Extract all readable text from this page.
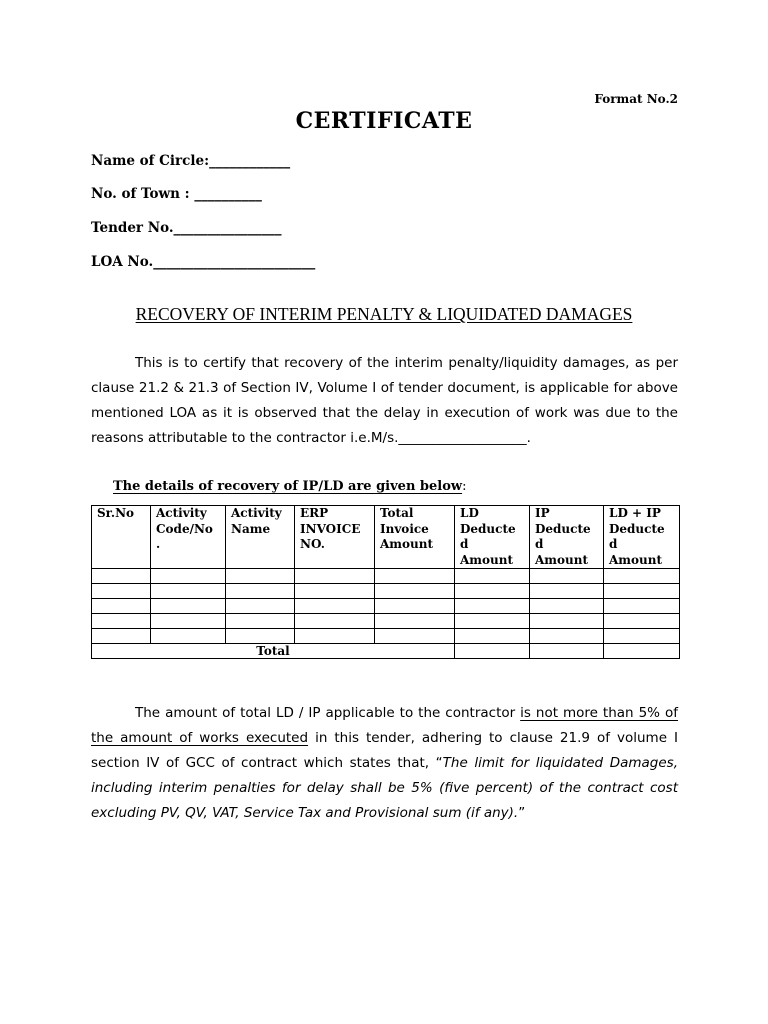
Format No.2
CERTIFICATE
Name of Circle:____________
No. of Town : __________
Tender No.________________
LOA No.________________________
RECOVERY OF INTERIM PENALTY & LIQUIDATED DAMAGES
This is to certify that recovery of the interim penalty/liquidity damages, as per clause 21.2 & 21.3 of Section IV, Volume I of tender document, is applicable for above mentioned LOA as it is observed that the delay in execution of work was due to the reasons attributable to the contractor i.e.M/s.___________________.
The details of recovery of IP/LD are given below:
Sr.No	Activity Code/No .	Activity Name	ERP INVOICE NO.	Total Invoice Amount	LD Deducte d Amount	IP Deducte d Amount	LD + IP Deducte d Amount

Total							
The amount of total LD / IP applicable to the contractor is not more than 5% of the amount of works executed in this tender, adhering to clause 21.9 of volume I section IV of GCC of contract which states that, “The limit for liquidated Damages, including interim penalties for delay shall be 5% (five percent) of the contract cost excluding PV, QV, VAT, Service Tax and Provisional sum (if any).”
